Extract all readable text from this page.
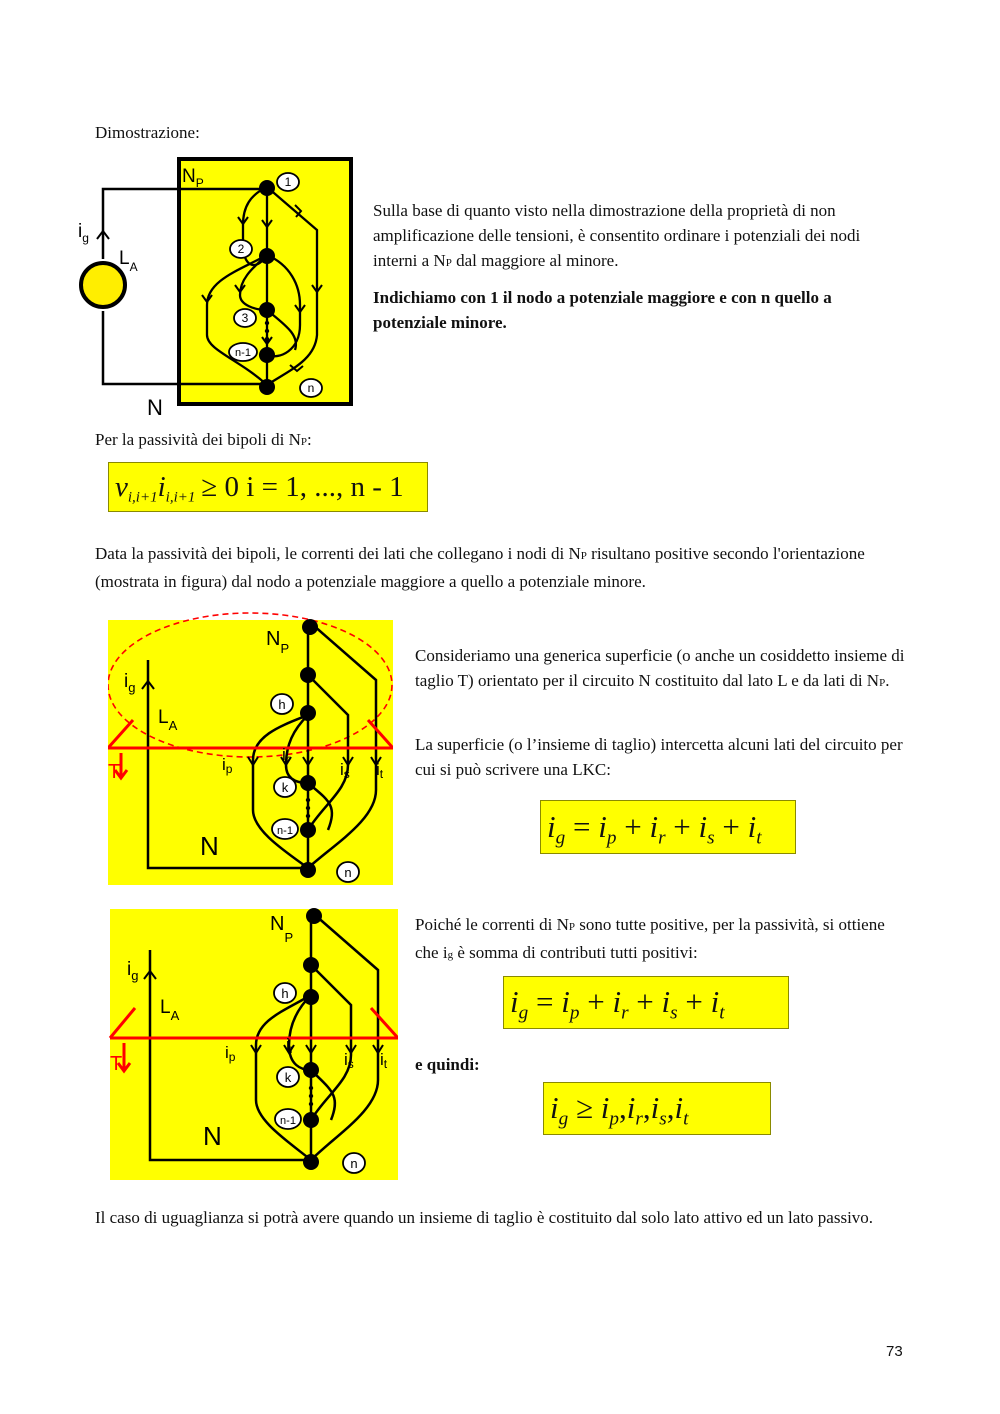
Dimostrazione:
1
2
3
n-1
n
$N_P$
$i_g$
$L_A$
N
Sulla base di quanto visto nella dimostrazione della proprietà di non amplificazione delle tensioni, è consentito ordinare i potenziali dei nodi interni a NP dal maggiore al minore.
Indichiamo con 1 il nodo a potenziale maggiore e con n quello a potenziale minore.
Per la passività dei bipoli di NP:
$v_{i,i+1}i_{i,i+1} \ge 0$ i = 1, ..., n - 1
Data la passività dei bipoli, le correnti dei lati che collegano i nodi di NP risultano positive secondo l'orientazione (mostrata in figura) dal nodo a potenziale maggiore a quello a potenziale minore.
h
k
n-1
n
$N_P$
$i_g$
$L_A$
T
N
ip
ir
is it
Consideriamo una generica superficie (o anche un cosiddetto insieme di taglio T) orientato per il circuito N costituito dal lato L e da lati di NP.
La superficie (o l’insieme di taglio) intercetta alcuni lati del circuito per cui si può scrivere una LKC:
$i_g = i_p + i_r + i_s + i_t$
h
k
n-1
n
$N_P$
$i_g$
$L_A$
T
N
ip
ir
is it
Poiché le correnti di NP sono tutte positive, per la passività, si ottiene che ig è somma di contributi tutti positivi:
$i_g = i_p + i_r + i_s + i_t$
e quindi:
$i_g \ge i_p,i_r,i_s,i_t$
Il caso di uguaglianza si potrà avere quando un insieme di taglio è costituito dal solo lato attivo ed un lato passivo.
73
